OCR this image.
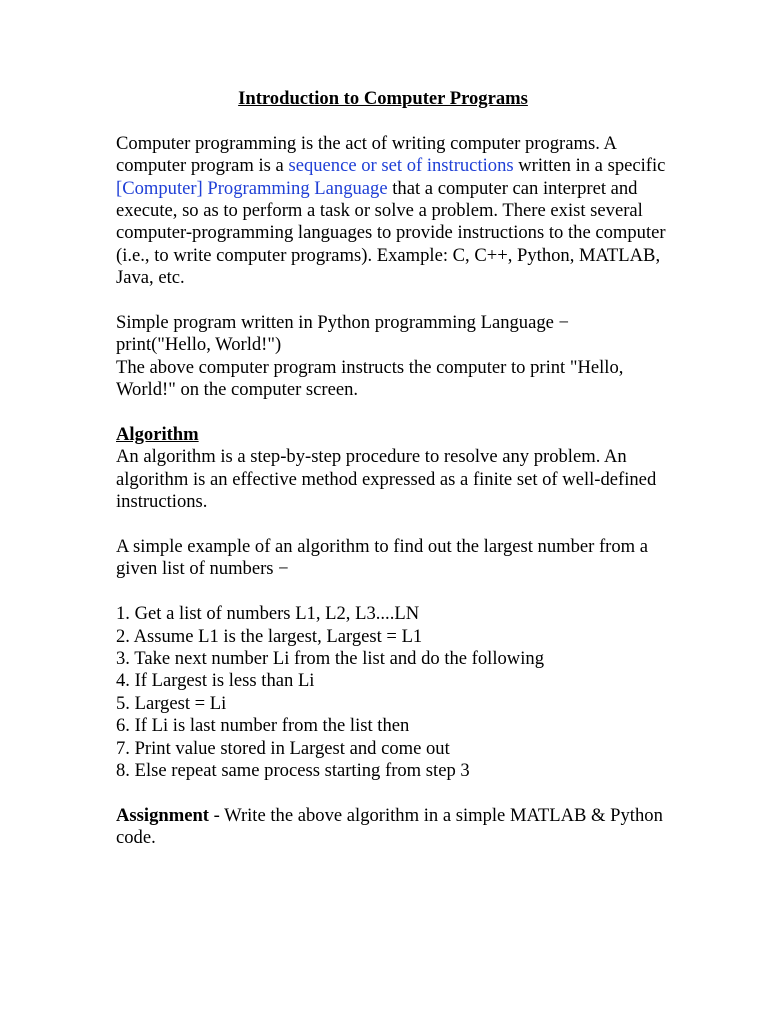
Introduction to Computer Programs

Computer programming is the act of writing computer programs. A computer program is a sequence or set of instructions written in a specific [Computer] Programming Language that a computer can interpret and execute, so as to perform a task or solve a problem. There exist several computer-programming languages to provide instructions to the computer (i.e., to write computer programs). Example: C, C++, Python, MATLAB, Java, etc.

Simple program written in Python programming Language −
print("Hello, World!")
The above computer program instructs the computer to print "Hello, World!" on the computer screen.

Algorithm
An algorithm is a step-by-step procedure to resolve any problem. An algorithm is an effective method expressed as a finite set of well-defined instructions.

A simple example of an algorithm to find out the largest number from a given list of numbers −

1. Get a list of numbers L1, L2, L3....LN
2. Assume L1 is the largest, Largest = L1
3. Take next number Li from the list and do the following
4. If Largest is less than Li
5. Largest = Li
6. If Li is last number from the list then
7. Print value stored in Largest and come out
8. Else repeat same process starting from step 3

Assignment - Write the above algorithm in a simple MATLAB & Python code.
